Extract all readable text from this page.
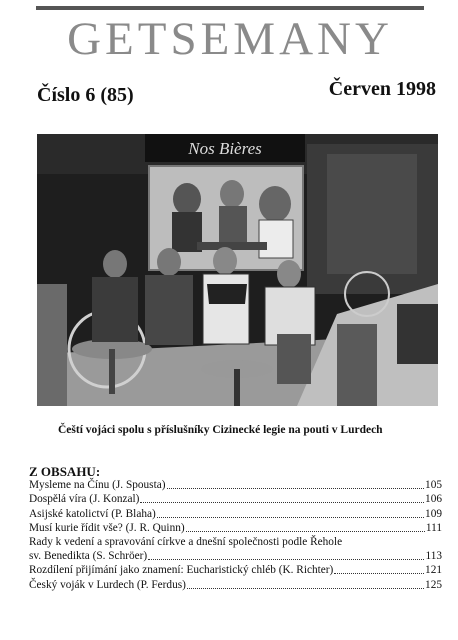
GETSEMANY
Číslo 6 (85)	Červen 1998
Nos Bières
Čeští vojáci spolu s příslušníky Cizinecké legie na pouti v Lurdech
Z OBSAHU:
Mysleme na Čínu (J. Spousta)	105
Dospělá víra (J. Konzal)	106
Asijské katolictví (P. Blaha)	109
Musí kurie řídit vše? (J. R. Quinn)	111
Rady k vedení a spravování církve a dnešní společnosti podle Řehole
sv. Benedikta (S. Schröer)	113
Rozdílení přijímání jako znamení: Eucharistický chléb (K. Richter)	121
Český voják v Lurdech (P. Ferdus)	125
